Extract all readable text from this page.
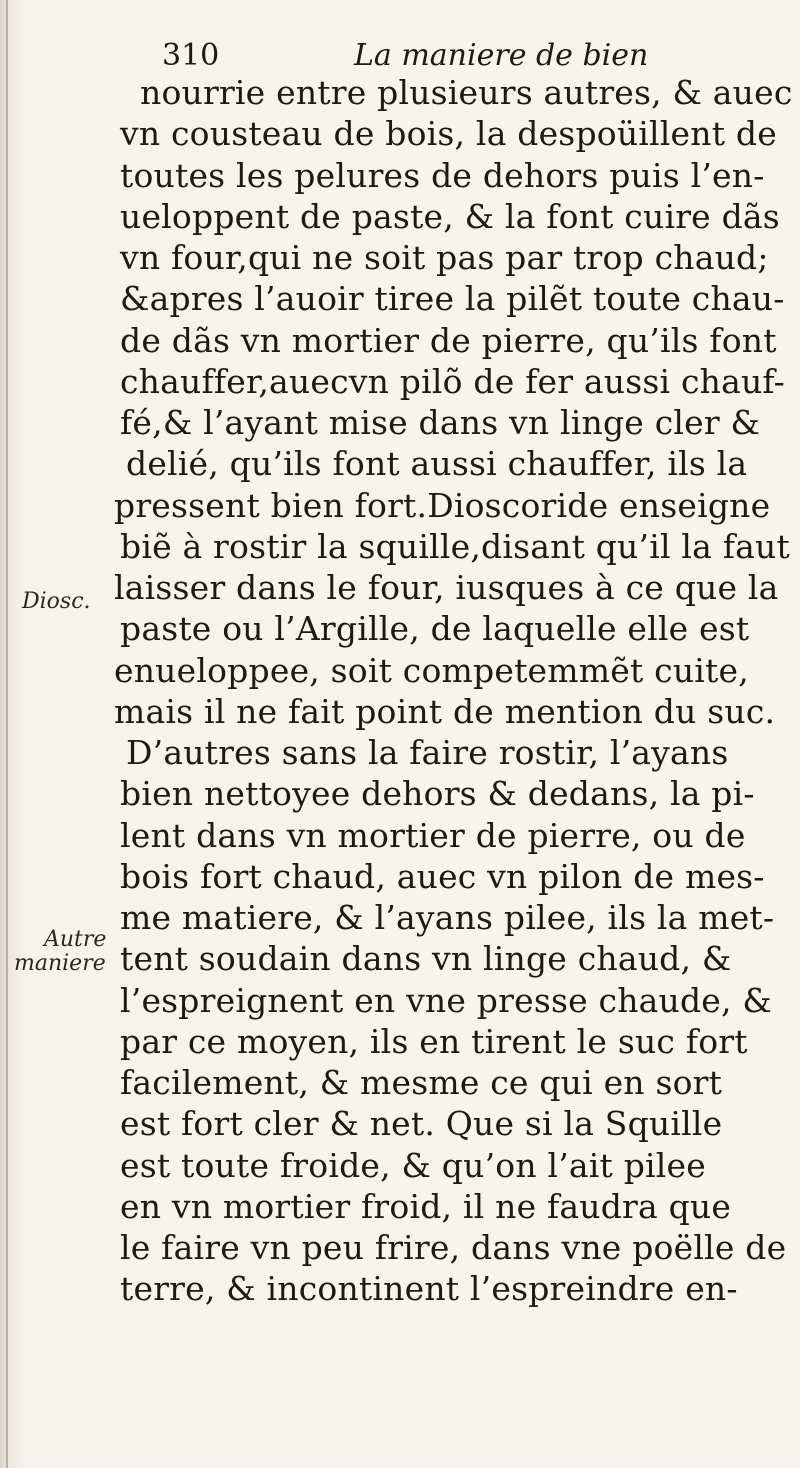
310	La maniere de bien
Diosc.
Autre
maniere
nourrie entre plusieurs autres, & auec
vn cousteau de bois, la despoüillent de
toutes les pelures de dehors puis l’en-
ueloppent de paste, & la font cuire dãs
vn four,qui ne soit pas par trop chaud;
&apres l’auoir tiree la pilẽt toute chau-
de dãs vn mortier de pierre, qu’ils font
chauffer,auecvn pilõ de fer aussi chauf-
fé,& l’ayant mise dans vn linge cler &
delié, qu’ils font aussi chauffer, ils la
pressent bien fort.Dioscoride enseigne
biẽ à rostir la squille,disant qu’il la faut
laisser dans le four, iusques à ce que la
paste ou l’Argille, de laquelle elle est
enueloppee, soit competemmẽt cuite,
mais il ne fait point de mention du suc.
D’autres sans la faire rostir, l’ayans
bien nettoyee dehors & dedans, la pi-
lent dans vn mortier de pierre, ou de
bois fort chaud, auec vn pilon de mes-
me matiere, & l’ayans pilee, ils la met-
tent soudain dans vn linge chaud, &
l’espreignent en vne presse chaude, &
par ce moyen, ils en tirent le suc fort
facilement, & mesme ce qui en sort
est fort cler & net. Que si la Squille
est toute froide, & qu’on l’ait pilee
en vn mortier froid, il ne faudra que
le faire vn peu frire, dans vne poëlle de
terre, & incontinent l’espreindre en-
